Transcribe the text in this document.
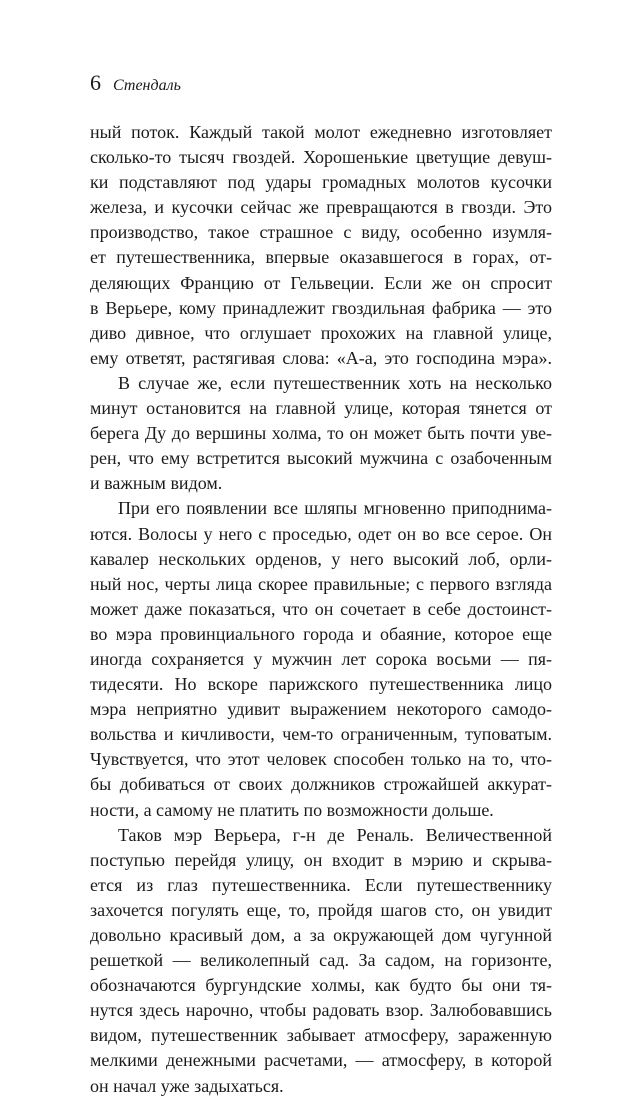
6 Стендаль
ный поток. Каждый такой молот ежедневно изготовляет
сколько-то тысяч гвоздей. Хорошенькие цветущие девуш-
ки подставляют под удары громадных молотов кусочки
железа, и кусочки сейчас же превращаются в гвозди. Это
производство, такое страшное с виду, особенно изумля-
ет путешественника, впервые оказавшегося в горах, от-
деляющих Францию от Гельвеции. Если же он спросит
в Верьере, кому принадлежит гвоздильная фабрика — это
диво дивное, что оглушает прохожих на главной улице,
ему ответят, растягивая слова: «А-а, это господина мэра».
В случае же, если путешественник хоть на несколько
минут остановится на главной улице, которая тянется от
берега Ду до вершины холма, то он может быть почти уве-
рен, что ему встретится высокий мужчина с озабоченным
и важным видом.
При его появлении все шляпы мгновенно приподнима-
ются. Волосы у него с проседью, одет он во все серое. Он
кавалер нескольких орденов, у него высокий лоб, орли-
ный нос, черты лица скорее правильные; с первого взгляда
может даже показаться, что он сочетает в себе достоинст-
во мэра провинциального города и обаяние, которое еще
иногда сохраняется у мужчин лет сорока восьми — пя-
тидесяти. Но вскоре парижского путешественника лицо
мэра неприятно удивит выражением некоторого самодо-
вольства и кичливости, чем-то ограниченным, туповатым.
Чувствуется, что этот человек способен только на то, что-
бы добиваться от своих должников строжайшей аккурат-
ности, а самому не платить по возможности дольше.
Таков мэр Верьера, г-н де Реналь. Величественной
поступью перейдя улицу, он входит в мэрию и скрыва-
ется из глаз путешественника. Если путешественнику
захочется погулять еще, то, пройдя шагов сто, он увидит
довольно красивый дом, а за окружающей дом чугунной
решеткой — великолепный сад. За садом, на горизонте,
обозначаются бургундские холмы, как будто бы они тя-
нутся здесь нарочно, чтобы радовать взор. Залюбовавшись
видом, путешественник забывает атмосферу, зараженную
мелкими денежными расчетами, — атмосферу, в которой
он начал уже задыхаться.
